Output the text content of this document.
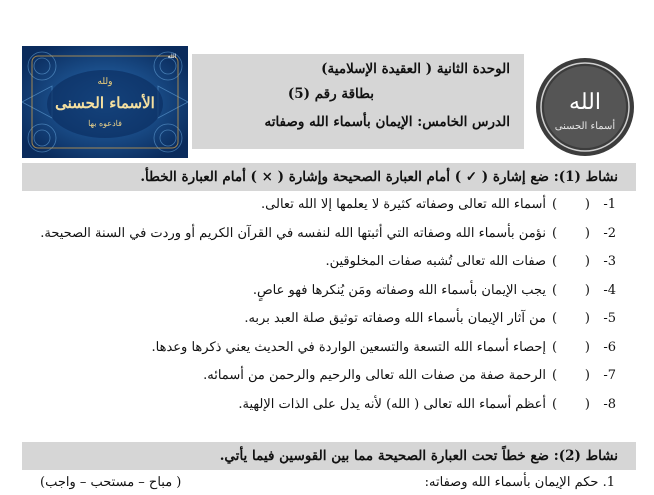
الوحدة الثانية ( العقيدة الإسلامية)
بطاقة رقم (5)
الدرس الخامس: الإيمان بأسماء الله وصفاته
ولله
الأسماء الحسنى
فادعوه بها
الله
الله
أسماء الحسنى
نشاط (1): ضع إشارة ( ✓ ) أمام العبارة الصحيحة وإشارة ( × ) أمام العبارة الخطأ.
1-
(
)
أسماء الله تعالى وصفاته كثيرة لا يعلمها إلا الله تعالى.
2-
(
)
نؤمن بأسماء الله وصفاته التي أثبتها الله لنفسه في القرآن الكريم أو وردت في السنة الصحيحة.
3-
(
)
صفات الله تعالى تُشبه صفات المخلوقين.
4-
(
)
يجب الإيمان بأسماء الله وصفاته ومَن يُنكرها فهو عاصٍ.
5-
(
)
من آثار الإيمان بأسماء الله وصفاته توثيق صلة العبد بربه.
6-
(
)
إحصاء أسماء الله التسعة والتسعين الواردة في الحديث يعني ذكرها وعدها.
7-
(
)
الرحمة صفة من صفات الله تعالى والرحيم والرحمن من أسمائه.
8-
(
)
أعظم أسماء الله تعالى ( الله) لأنه يدل على الذات الإلهية.
نشاط (2): ضع خطاً تحت العبارة الصحيحة مما بين القوسين فيما يأتي.
1. حكم الإيمان بأسماء الله وصفاته:
( مباح – مستحب – واجب)
